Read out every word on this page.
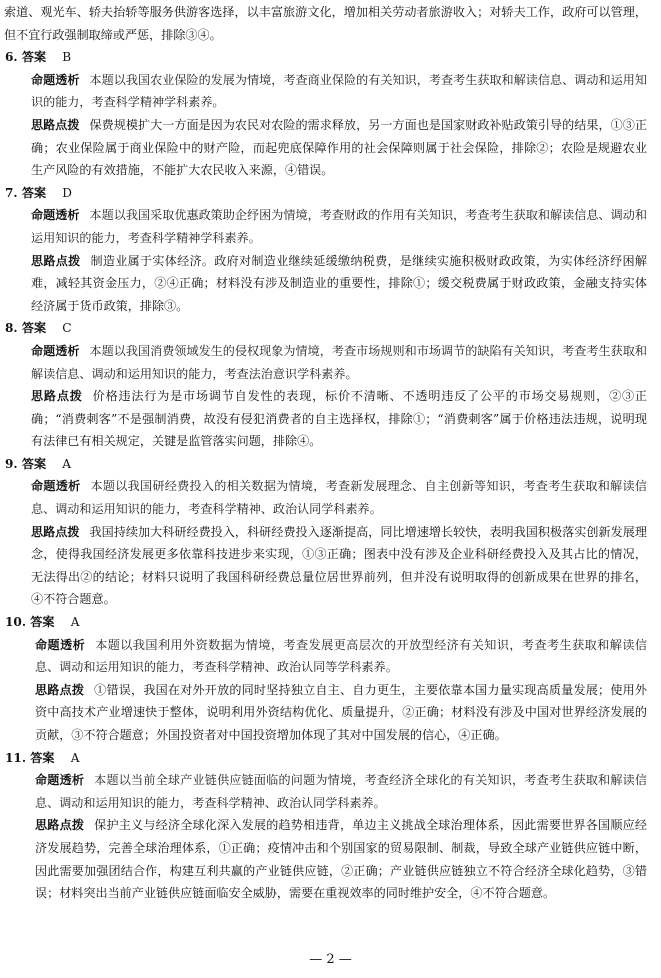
索道、观光车、轿夫抬轿等服务供游客选择，以丰富旅游文化，增加相关劳动者旅游收入；对轿夫工作，政府可以管理，但不宜行政强制取缔或严惩，排除③④。

6. 答案 B

命题透析 本题以我国农业保险的发展为情境，考查商业保险的有关知识，考查考生获取和解读信息、调动和运用知识的能力，考查科学精神学科素养。

思路点拨 保费规模扩大一方面是因为农民对农险的需求释放，另一方面也是国家财政补贴政策引导的结果，①③正确；农业保险属于商业保险中的财产险，而起兜底保障作用的社会保障则属于社会保险，排除②；农险是规避农业生产风险的有效措施，不能扩大农民收入来源，④错误。

7. 答案 D

命题透析 本题以我国采取优惠政策助企纾困为情境，考查财政的作用有关知识，考查考生获取和解读信息、调动和运用知识的能力，考查科学精神学科素养。

思路点拨 制造业属于实体经济。政府对制造业继续延缓缴纳税费，是继续实施积极财政政策，为实体经济纾困解难，减轻其资金压力，②④正确；材料没有涉及制造业的重要性，排除①；缓交税费属于财政政策，金融支持实体经济属于货币政策，排除③。

8. 答案 C

命题透析 本题以我国消费领域发生的侵权现象为情境，考查市场规则和市场调节的缺陷有关知识，考查考生获取和解读信息、调动和运用知识的能力，考查法治意识学科素养。

思路点拨 价格违法行为是市场调节自发性的表现，标价不清晰、不透明违反了公平的市场交易规则，②③正确；“消费刺客”不是强制消费，故没有侵犯消费者的自主选择权，排除①；“消费刺客”属于价格违法违规，说明现有法律已有相关规定，关键是监管落实问题，排除④。

9. 答案 A

命题透析 本题以我国研经费投入的相关数据为情境，考查新发展理念、自主创新等知识，考查考生获取和解读信息、调动和运用知识的能力，考查科学精神、政治认同学科素养。

思路点拨 我国持续加大科研经费投入，科研经费投入逐渐提高，同比增速增长较快，表明我国积极落实创新发展理念，使得我国经济发展更多依靠科技进步来实现，①③正确；图表中没有涉及企业科研经费投入及其占比的情况，无法得出②的结论；材料只说明了我国科研经费总量位居世界前列，但并没有说明取得的创新成果在世界的排名，④不符合题意。

10. 答案 A

命题透析 本题以我国利用外资数据为情境，考查发展更高层次的开放型经济有关知识，考查考生获取和解读信息、调动和运用知识的能力，考查科学精神、政治认同等学科素养。

思路点拨 ①错误，我国在对外开放的同时坚持独立自主、自力更生，主要依靠本国力量实现高质量发展；使用外资中高技术产业增速快于整体，说明利用外资结构优化、质量提升，②正确；材料没有涉及中国对世界经济发展的贡献，③不符合题意；外国投资者对中国投资增加体现了其对中国发展的信心，④正确。

11. 答案 A

命题透析 本题以当前全球产业链供应链面临的问题为情境，考查经济全球化的有关知识，考查考生获取和解读信息、调动和运用知识的能力，考查科学精神、政治认同学科素养。

思路点拨 保护主义与经济全球化深入发展的趋势相违背，单边主义挑战全球治理体系，因此需要世界各国顺应经济发展趋势，完善全球治理体系，①正确；疫情冲击和个别国家的贸易限制、制裁，导致全球产业链供应链中断，因此需要加强团结合作，构建互利共赢的产业链供应链，②正确；产业链供应链独立不符合经济全球化趋势，③错误；材料突出当前产业链供应链面临安全威胁，需要在重视效率的同时维护安全，④不符合题意。

— 2 —
